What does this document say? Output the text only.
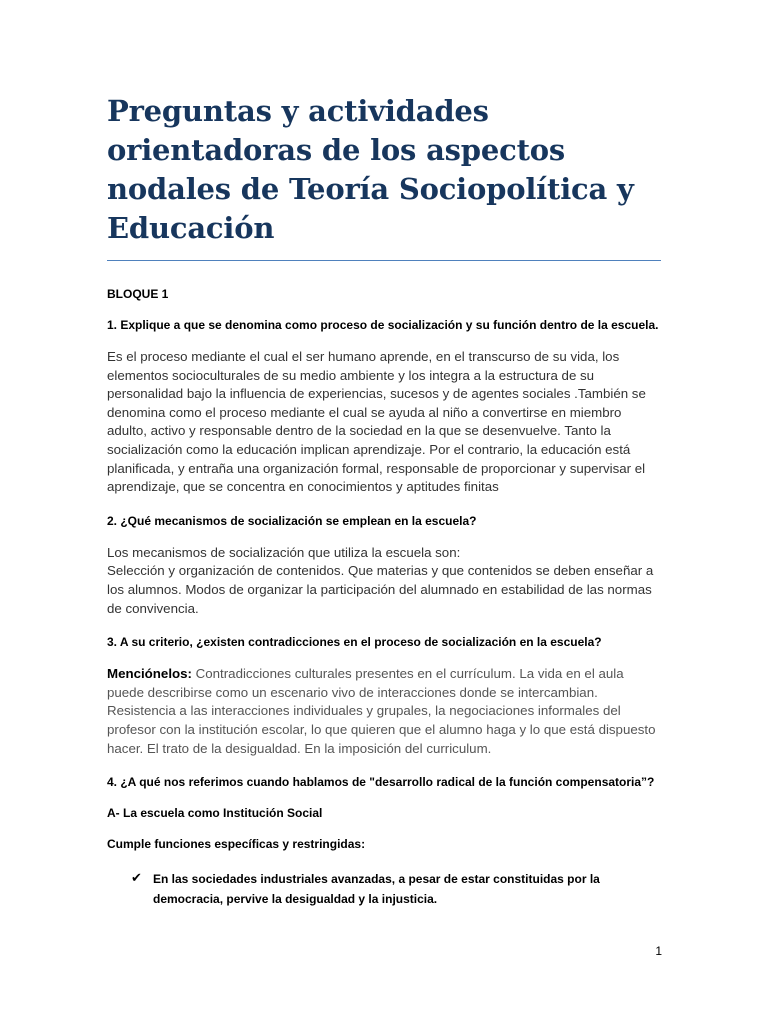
Preguntas y actividades orientadoras de los aspectos nodales de Teoría Sociopolítica y Educación

BLOQUE 1

1. Explique a que se denomina como proceso de socialización y su función dentro de la escuela.

Es el proceso mediante el cual el ser humano aprende, en el transcurso de su vida, los elementos socioculturales de su medio ambiente y los integra a la estructura de su personalidad bajo la influencia de experiencias, sucesos y de agentes sociales .También se denomina como el proceso mediante el cual se ayuda al niño a convertirse en miembro adulto, activo y responsable dentro de la sociedad en la que se desenvuelve. Tanto la socialización como la educación implican aprendizaje. Por el contrario, la educación está planificada, y entraña una organización formal, responsable de proporcionar y supervisar el aprendizaje, que se concentra en conocimientos y aptitudes finitas

2. ¿Qué mecanismos de socialización se emplean en la escuela?

Los mecanismos de socialización que utiliza la escuela son:

Selección y organización de contenidos. Que materias y que contenidos se deben enseñar a los alumnos. Modos de organizar la participación del alumnado en estabilidad de las normas de convivencia.

3. A su criterio, ¿existen contradicciones en el proceso de socialización en la escuela?

Menciónelos: Contradicciones culturales presentes en el currículum. La vida en el aula puede describirse como un escenario vivo de interacciones donde se intercambian. Resistencia a las interacciones individuales y grupales, la negociaciones informales del profesor con la institución escolar, lo que quieren que el alumno haga y lo que está dispuesto hacer. El trato de la desigualdad. En la imposición del curriculum.

4. ¿A qué nos referimos cuando hablamos de "desarrollo radical de la función compensatoria”?

A- La escuela como Institución Social

Cumple funciones específicas y restringidas:

✔ En las sociedades industriales avanzadas, a pesar de estar constituidas por la democracia, pervive la desigualdad y la injusticia.
1
